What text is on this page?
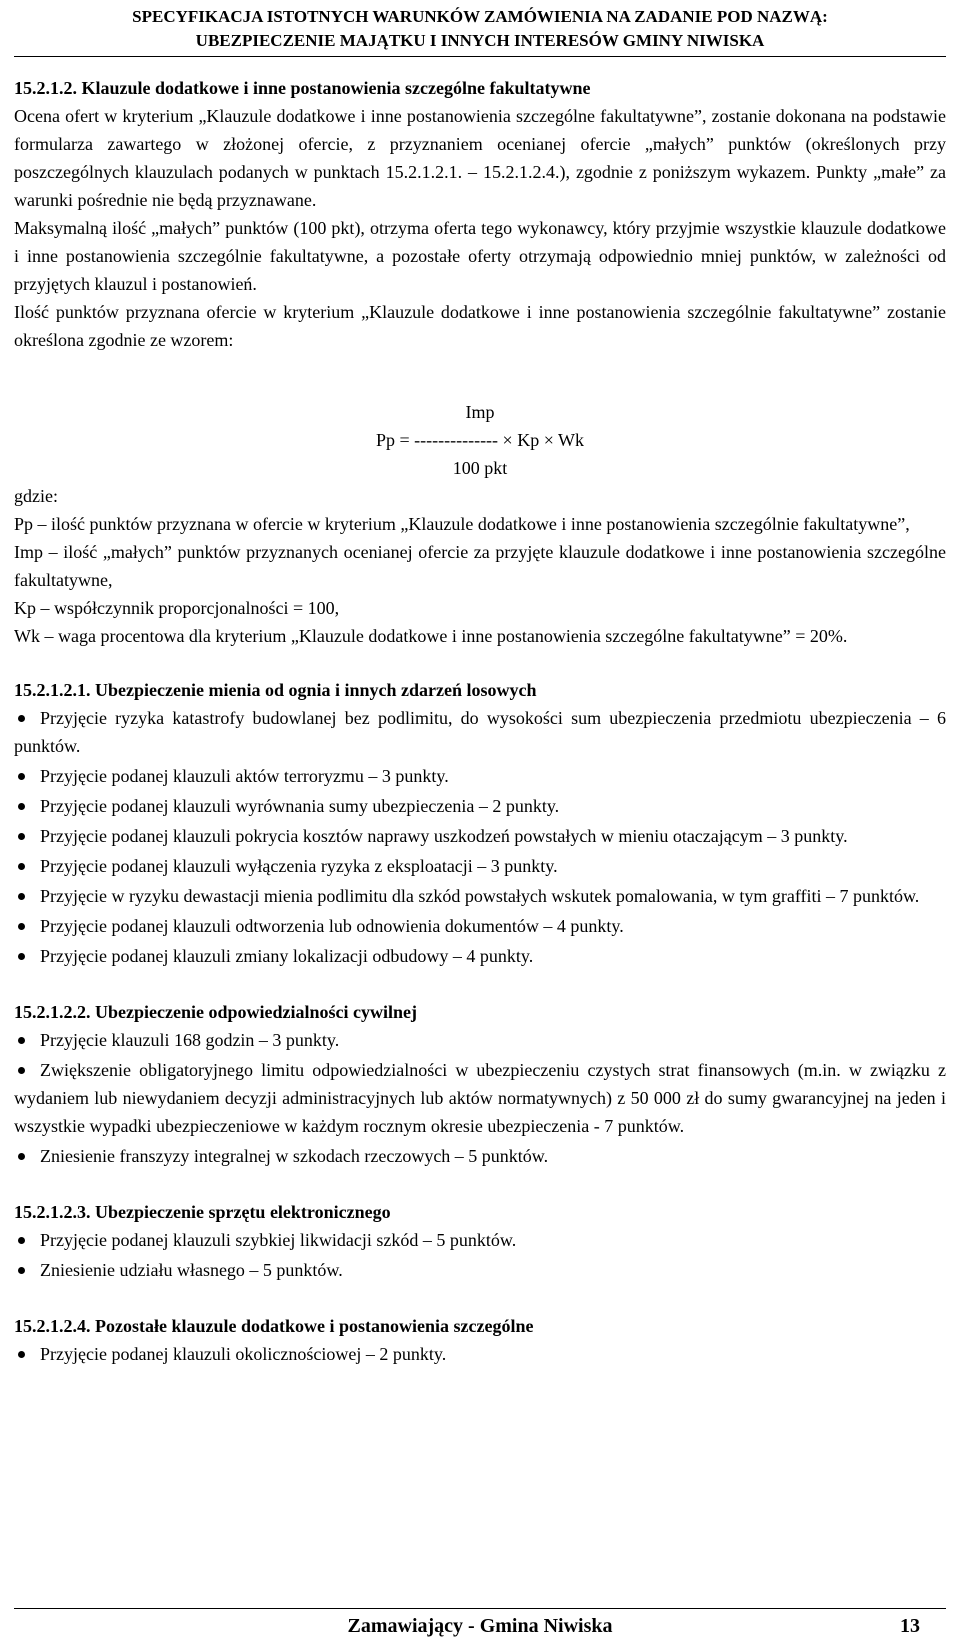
SPECYFIKACJA ISTOTNYCH WARUNKÓW ZAMÓWIENIA NA ZADANIE POD NAZWĄ:
UBEZPIECZENIE MAJĄTKU I INNYCH INTERESÓW GMINY NIWISKA

15.2.1.2. Klauzule dodatkowe i inne postanowienia szczególne fakultatywne

Ocena ofert w kryterium „Klauzule dodatkowe i inne postanowienia szczególne fakultatywne”, zostanie dokonana na podstawie formularza zawartego w złożonej ofercie, z przyznaniem ocenianej ofercie „małych” punktów (określonych przy poszczególnych klauzulach podanych w punktach 15.2.1.2.1. – 15.2.1.2.4.), zgodnie z poniższym wykazem. Punkty „małe” za warunki pośrednie nie będą przyznawane.

Maksymalną ilość „małych” punktów (100 pkt), otrzyma oferta tego wykonawcy, który przyjmie wszystkie klauzule dodatkowe i inne postanowienia szczególnie fakultatywne, a pozostałe oferty otrzymają odpowiednio mniej punktów, w zależności od przyjętych klauzul i postanowień.

Ilość punktów przyznana ofercie w kryterium „Klauzule dodatkowe i inne postanowienia szczególnie fakultatywne” zostanie określona zgodnie ze wzorem:

Imp
Pp = -------------- × Kp × Wk
100 pkt

gdzie:

Pp – ilość punktów przyznana w ofercie w kryterium „Klauzule dodatkowe i inne postanowienia szczególnie fakultatywne”,

Imp – ilość „małych” punktów przyznanych ocenianej ofercie za przyjęte klauzule dodatkowe i inne postanowienia szczególne fakultatywne,

Kp – współczynnik proporcjonalności = 100,

Wk – waga procentowa dla kryterium „Klauzule dodatkowe i inne postanowienia szczególne fakultatywne” = 20%.

15.2.1.2.1. Ubezpieczenie mienia od ognia i innych zdarzeń losowych

Przyjęcie ryzyka katastrofy budowlanej bez podlimitu, do wysokości sum ubezpieczenia przedmiotu ubezpieczenia – 6 punktów.
Przyjęcie podanej klauzuli aktów terroryzmu – 3 punkty.
Przyjęcie podanej klauzuli wyrównania sumy ubezpieczenia – 2 punkty.
Przyjęcie podanej klauzuli pokrycia kosztów naprawy uszkodzeń powstałych w mieniu otaczającym – 3 punkty.
Przyjęcie podanej klauzuli wyłączenia ryzyka z eksploatacji – 3 punkty.
Przyjęcie w ryzyku dewastacji mienia podlimitu dla szkód powstałych wskutek pomalowania, w tym graffiti – 7 punktów.
Przyjęcie podanej klauzuli odtworzenia lub odnowienia dokumentów – 4 punkty.
Przyjęcie podanej klauzuli zmiany lokalizacji odbudowy – 4 punkty.

15.2.1.2.2. Ubezpieczenie odpowiedzialności cywilnej

Przyjęcie klauzuli 168 godzin – 3 punkty.
Zwiększenie obligatoryjnego limitu odpowiedzialności w ubezpieczeniu czystych strat finansowych (m.in. w związku z wydaniem lub niewydaniem decyzji administracyjnych lub aktów normatywnych) z 50 000 zł do sumy gwarancyjnej na jeden i wszystkie wypadki ubezpieczeniowe w każdym rocznym okresie ubezpieczenia - 7 punktów.
Zniesienie franszyzy integralnej w szkodach rzeczowych – 5 punktów.

15.2.1.2.3. Ubezpieczenie sprzętu elektronicznego

Przyjęcie podanej klauzuli szybkiej likwidacji szkód – 5 punktów.
Zniesienie udziału własnego – 5 punktów.

15.2.1.2.4. Pozostałe klauzule dodatkowe i postanowienia szczególne

Przyjęcie podanej klauzuli okolicznościowej – 2 punkty.
Zamawiający - Gmina Niwiska	13
